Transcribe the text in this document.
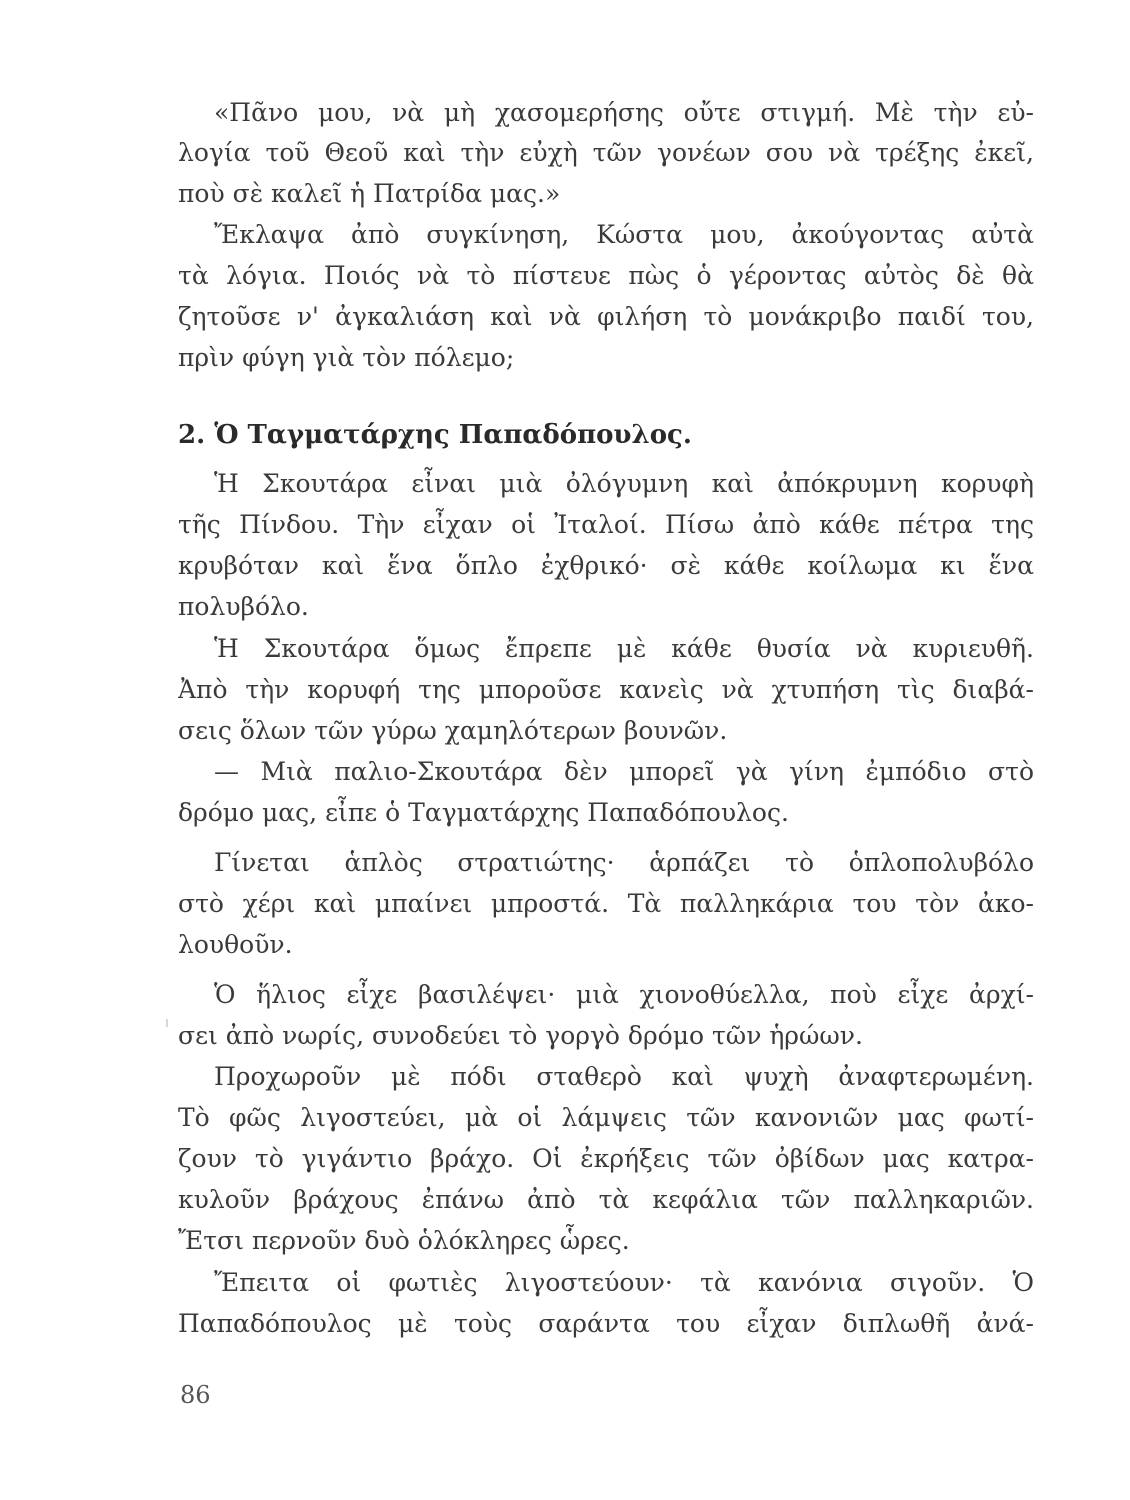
«Πᾶνο μου, νὰ μὴ χασομερήσης οὔτε στιγμή. Μὲ τὴν εὐ-
λογία τοῦ Θεοῦ καὶ τὴν εὐχὴ τῶν γονέων σου νὰ τρέξης ἐκεῖ,
ποὺ σὲ καλεῖ ἡ Πατρίδα μας.»
Ἔκλαψα ἀπὸ συγκίνηση, Κώστα μου, ἀκούγοντας αὐτὰ
τὰ λόγια. Ποιός νὰ τὸ πίστευε πὼς ὁ γέροντας αὐτὸς δὲ θὰ
ζητοῦσε ν' ἀγκαλιάση καὶ νὰ φιλήση τὸ μονάκριβο παιδί του,
πρὶν φύγη γιὰ τὸν πόλεμο;
2. Ὁ Ταγματάρχης Παπαδόπουλος.
Ἡ Σκουτάρα εἶναι μιὰ ὀλόγυμνη καὶ ἀπόκρυμνη κορυφὴ
τῆς Πίνδου. Τὴν εἶχαν οἱ Ἰταλοί. Πίσω ἀπὸ κάθε πέτρα της
κρυβόταν καὶ ἕνα ὅπλο ἐχθρικό· σὲ κάθε κοίλωμα κι ἕνα
πολυβόλο.
Ἡ Σκουτάρα ὅμως ἔπρεπε μὲ κάθε θυσία νὰ κυριευθῆ.
Ἀπὸ τὴν κορυφή της μποροῦσε κανεὶς νὰ χτυπήση τὶς διαβά-
σεις ὅλων τῶν γύρω χαμηλότερων βουνῶν.
— Μιὰ παλιο-Σκουτάρα δὲν μπορεῖ γὰ γίνη ἐμπόδιο στὸ
δρόμο μας, εἶπε ὁ Ταγματάρχης Παπαδόπουλος.
Γίνεται ἁπλὸς στρατιώτης· ἁρπάζει τὸ ὁπλοπολυβόλο
στὸ χέρι καὶ μπαίνει μπροστά. Τὰ παλληκάρια του τὸν ἀκο-
λουθοῦν.
Ὁ ἥλιος εἶχε βασιλέψει· μιὰ χιονοθύελλα, ποὺ εἶχε ἀρχί-
σει ἀπὸ νωρίς, συνοδεύει τὸ γοργὸ δρόμο τῶν ἡρώων.
Προχωροῦν μὲ πόδι σταθερὸ καὶ ψυχὴ ἀναφτερωμένη.
Τὸ φῶς λιγοστεύει, μὰ οἱ λάμψεις τῶν κανονιῶν μας φωτί-
ζουν τὸ γιγάντιο βράχο. Οἱ ἐκρήξεις τῶν ὀβίδων μας κατρα-
κυλοῦν βράχους ἐπάνω ἀπὸ τὰ κεφάλια τῶν παλληκαριῶν.
Ἔτσι περνοῦν δυὸ ὁλόκληρες ὧρες.
Ἔπειτα οἱ φωτιὲς λιγοστεύουν· τὰ κανόνια σιγοῦν. Ὁ
Παπαδόπουλος μὲ τοὺς σαράντα του εἶχαν διπλωθῆ ἀνά-
86
